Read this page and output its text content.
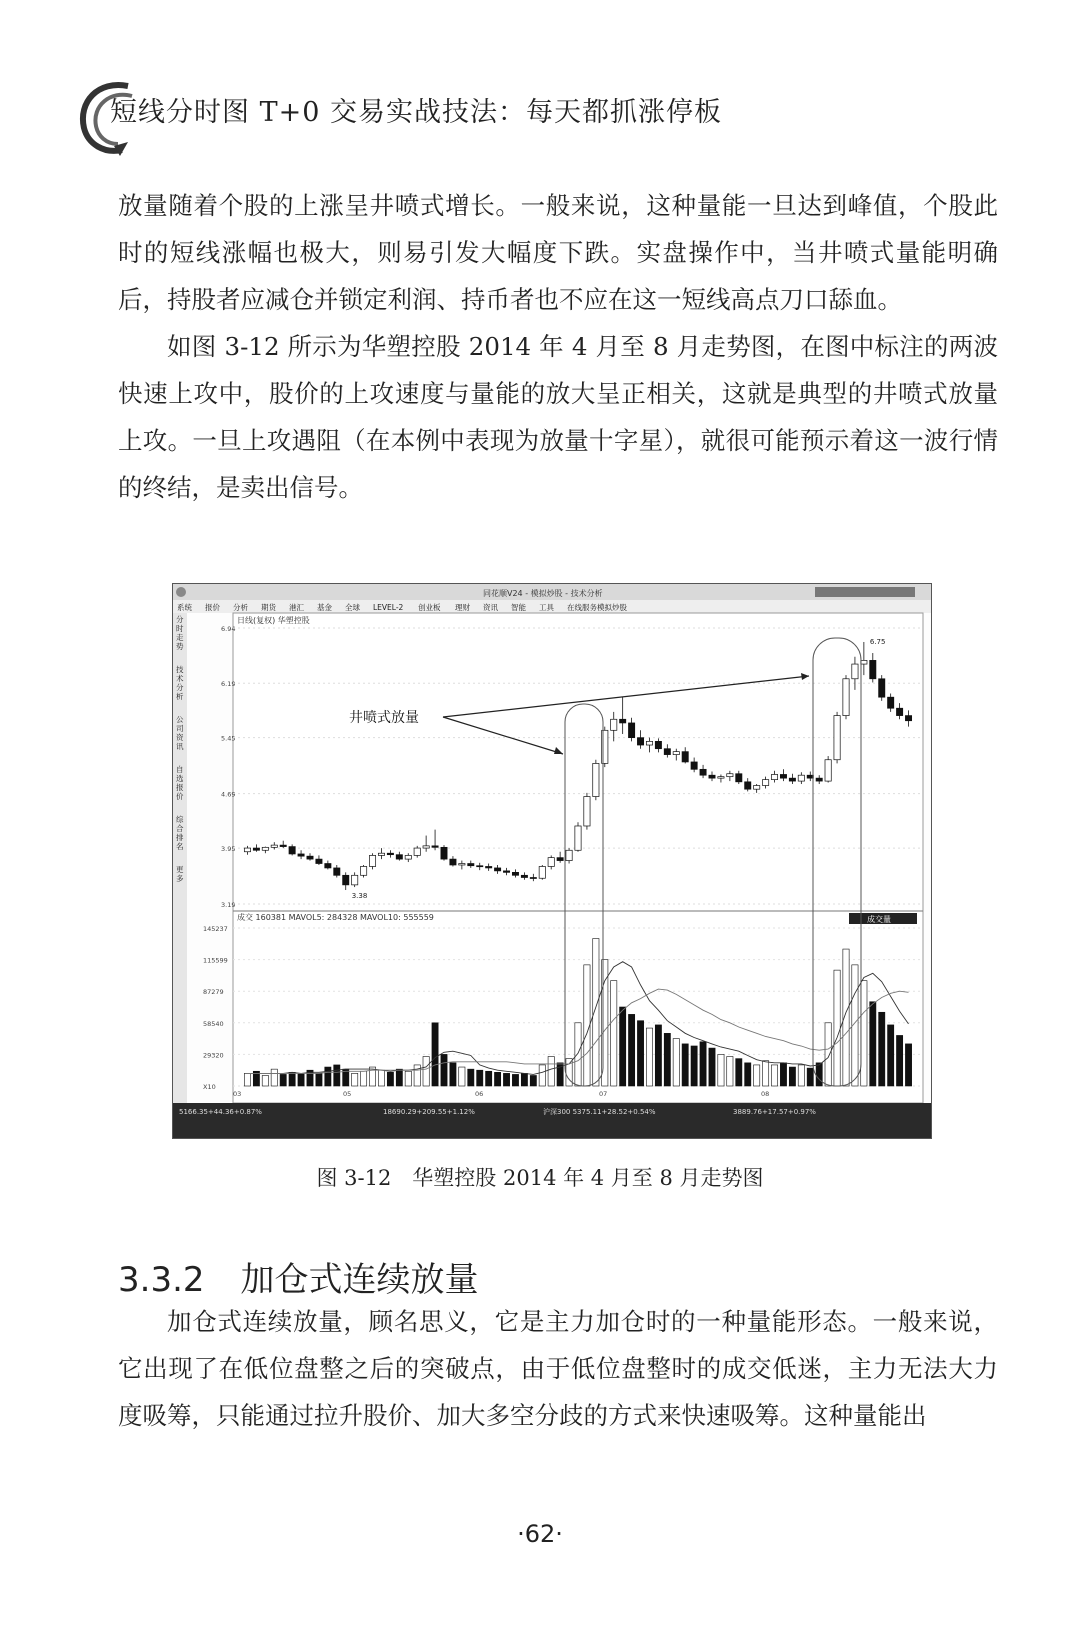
短线分时图 T+0 交易实战技法：每天都抓涨停板

放量随着个股的上涨呈井喷式增长。一般来说，这种量能一旦达到峰值，个股此时的短线涨幅也极大，则易引发大幅度下跌。实盘操作中，当井喷式量能明确后，持股者应减仓并锁定利润、持币者也不应在这一短线高点刀口舔血。

如图 3-12 所示为华塑控股 2014 年 4 月至 8 月走势图，在图中标注的两波快速上攻中，股价的上攻速度与量能的放大呈正相关，这就是典型的井喷式放量上攻。一旦上攻遇阻（在本例中表现为放量十字星），就很可能预示着这一波行情的终结，是卖出信号。

同花顺V24 - 模拟炒股 - 技术分析
系统 报价 分析 期货 港汇 基金 全球 LEVEL-2 创业板 理财 资讯 智能 工具 在线服务 模拟炒股
分
时
走
势
技
术
分
析
公
司
资
讯
自
选
报
价
综
合
排
名
更
多
日线(复权) 华塑控股
成交 160381 MAVOL5: 284328 MAVOL10: 555559	成交量
6.94
6.19
5.45
4.69
3.95
3.19
145237
115599
87279
58540
29320
X10
03	05	06	07	08
3.38
6.75
井喷式放量
5166.35+44.36+0.87%	18690.29+209.55+1.12%	沪深300 5375.11+28.52+0.54%	3889.76+17.57+0.97%
图 3-12　华塑控股 2014 年 4 月至 8 月走势图
3.3.2 加仓式连续放量

加仓式连续放量，顾名思义，它是主力加仓时的一种量能形态。一般来说，它出现了在低位盘整之后的突破点，由于低位盘整时的成交低迷，主力无法大力度吸筹，只能通过拉升股价、加大多空分歧的方式来快速吸筹。这种量能出

·62·
